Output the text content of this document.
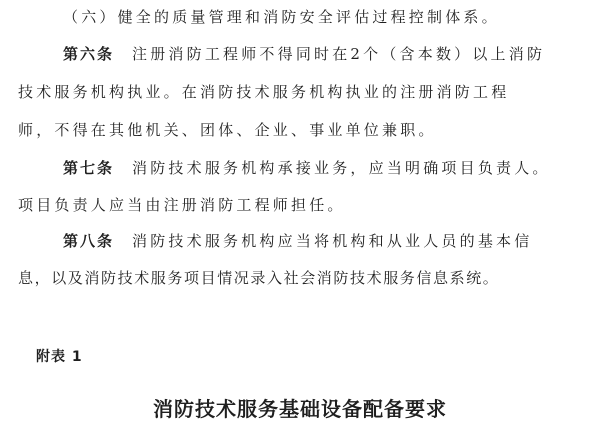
（六）健全的质量管理和消防安全评估过程控制体系。
第六条 注册消防工程师不得同时在2个（含本数）以上消防
技术服务机构执业。在消防技术服务机构执业的注册消防工程
师，不得在其他机关、团体、企业、事业单位兼职。
第七条 消防技术服务机构承接业务，应当明确项目负责人。
项目负责人应当由注册消防工程师担任。
第八条 消防技术服务机构应当将机构和从业人员的基本信
息，以及消防技术服务项目情况录入社会消防技术服务信息系统。
附表 1
消防技术服务基础设备配备要求
